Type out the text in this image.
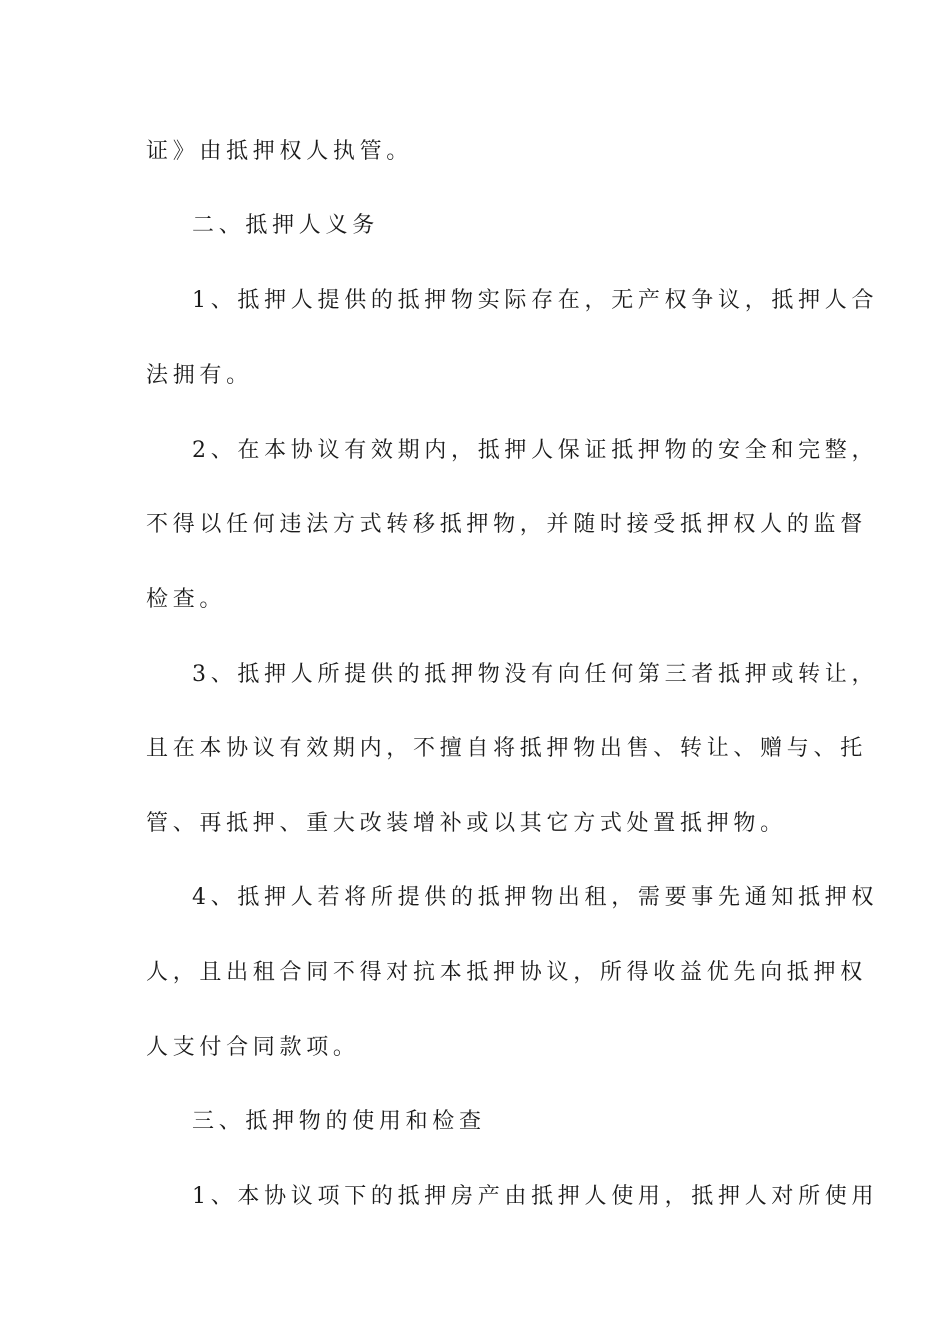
证》由抵押权人执管。
二、抵押人义务
1、抵押人提供的抵押物实际存在，无产权争议，抵押人合
法拥有。
2、在本协议有效期内，抵押人保证抵押物的安全和完整，
不得以任何违法方式转移抵押物，并随时接受抵押权人的监督
检查。
3、抵押人所提供的抵押物没有向任何第三者抵押或转让，
且在本协议有效期内，不擅自将抵押物出售、转让、赠与、托
管、再抵押、重大改装增补或以其它方式处置抵押物。
4、抵押人若将所提供的抵押物出租，需要事先通知抵押权
人，且出租合同不得对抗本抵押协议，所得收益优先向抵押权
人支付合同款项。
三、抵押物的使用和检查
1、本协议项下的抵押房产由抵押人使用，抵押人对所使用
